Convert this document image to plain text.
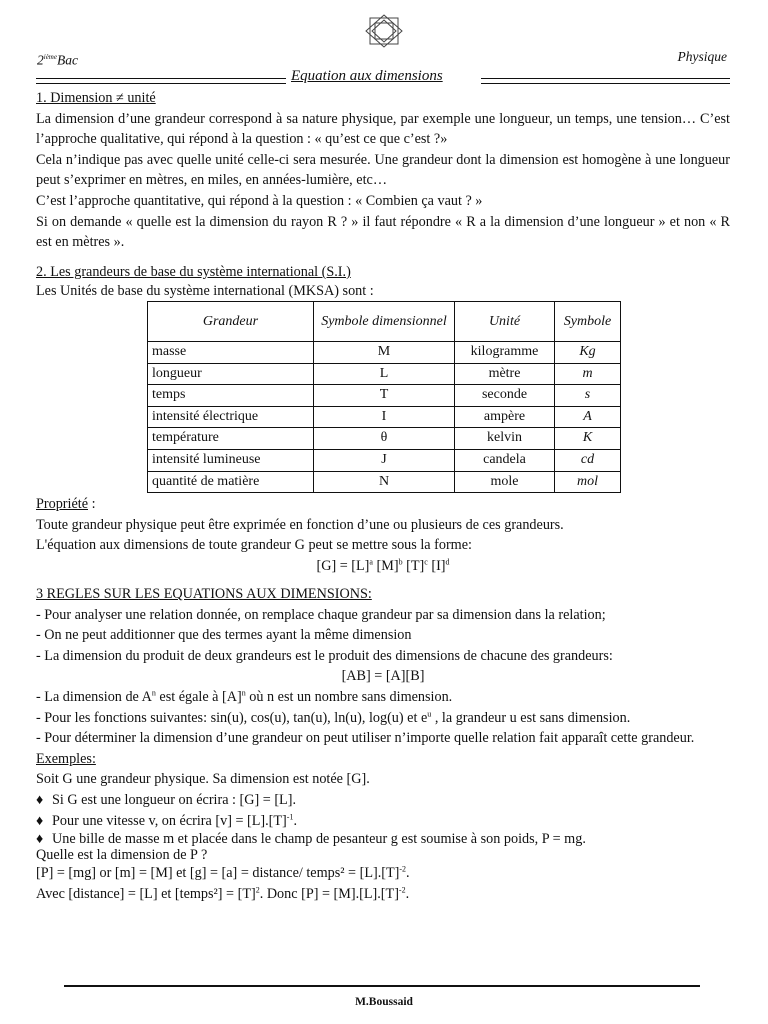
2ièmeBac	Physique
Equation aux dimensions
1. Dimension ≠ unité

La dimension d’une grandeur correspond à sa nature physique, par exemple une longueur, un temps, une tension… C’est l’approche qualitative, qui répond à la question : « qu’est ce que c’est ?»

Cela n’indique pas avec quelle unité celle-ci sera mesurée. Une grandeur dont la dimension est homogène à une longueur peut s’exprimer en mètres, en miles, en années-lumière, etc…

C’est l’approche quantitative, qui répond à la question : « Combien ça vaut ? »

Si on demande « quelle est la dimension du rayon R ? » il faut répondre « R a la dimension d’une longueur » et non « R est en mètres ».

2. Les grandeurs de base du système international (S.I.)
Les Unités de base du système international (MKSA) sont :
Grandeur	Symbole dimensionnel	Unité	Symbole
masse	M	kilogramme	Kg
longueur	L	mètre	m
temps	T	seconde	s
intensité électrique	I	ampère	A
température	θ	kelvin	K
intensité lumineuse	J	candela	cd
quantité de matière	N	mole	mol
Propriété :

Toute grandeur physique peut être exprimée en fonction d’une ou plusieurs de ces grandeurs.

L'équation aux dimensions de toute grandeur G peut se mettre sous la forme:

$[G] = [L]^a$ $[M]^b$ $[T]^c$ $[I]^d$
3 REGLES SUR LES EQUATIONS AUX DIMENSIONS:

- Pour analyser une relation donnée, on remplace chaque grandeur par sa dimension dans la relation;

- On ne peut additionner que des termes ayant la même dimension

- La dimension du produit de deux grandeurs est le produit des dimensions de chacune des grandeurs:

[AB] = [A][B]

- La dimension de $A^n$ est égale à $[A]^n$ où n est un nombre sans dimension.

- Pour les fonctions suivantes: sin(u), cos(u), tan(u), ln(u), log(u) et $e^u$ , la grandeur u est sans dimension.

- Pour déterminer la dimension d’une grandeur on peut utiliser n’importe quelle relation fait apparaît cette grandeur.

Exemples:

Soit G une grandeur physique. Sa dimension est notée [G].

♦ Si G est une longueur on écrira : [G] = [L].

♦ Pour une vitesse v, on écrira $[v] = [L].[T]^{-1}$.

♦ Une bille de masse m et placée dans le champ de pesanteur g est soumise à son poids, P = mg.

Quelle est la dimension de P ?

[P] = [mg] or [m] = [M] et [g] = [a] = distance/ temps² = $[L].[T]^{-2}$.

Avec [distance] = [L] et [temps²] = $[T]^2$. Donc $[P] = [M].[L].[T]^{-2}$.

M.Boussaid
